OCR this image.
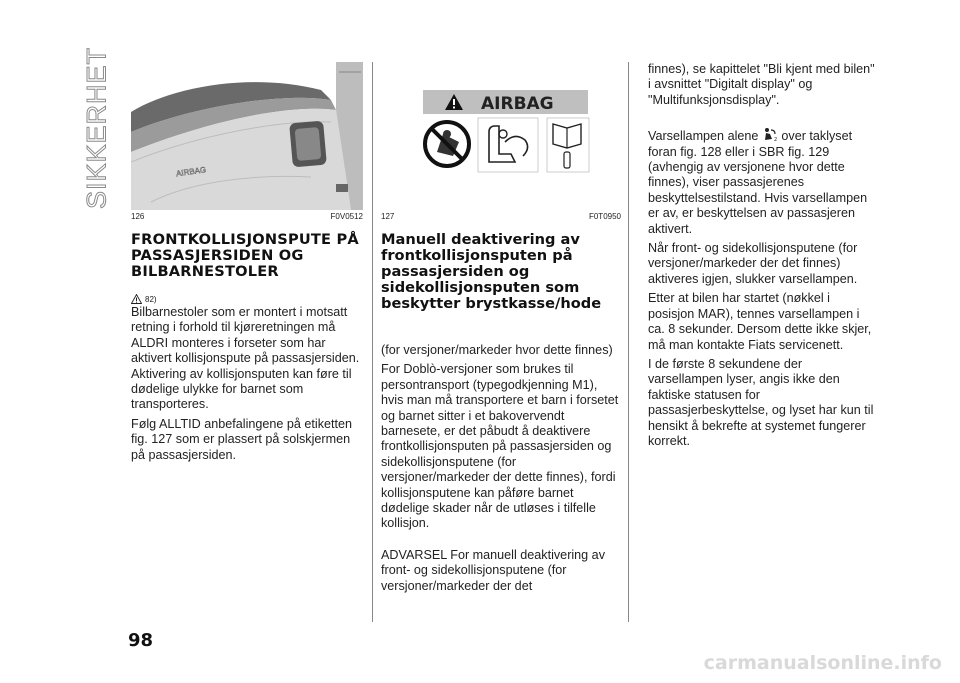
SIKKERHET	AIRBAG
126	F0V0512
FRONTKOLLISJONSPUTE PÅ PASSASJERSIDEN OG BILBARNESTOLER
82)

Bilbarnestoler som er montert i motsatt retning i forhold til kjøreretningen må ALDRI monteres i forseter som har aktivert kollisjonspute på passasjersiden. Aktivering av kollisjonsputen kan føre til dødelige ulykke for barnet som transporteres.

Følg ALLTID anbefalingene på etiketten fig. 127 som er plassert på solskjermen på passasjersiden.

AIRBAG
127	F0T0950
Manuell deaktivering av frontkollisjonsputen på passasjersiden og sidekollisjonsputen som beskytter brystkasse/hode

(for versjoner/markeder hvor dette finnes)

For Doblò-versjoner som brukes til persontransport (typegodkjenning M1), hvis man må transportere et barn i forsetet og barnet sitter i et bakovervendt barnesete, er det påbudt å deaktivere frontkollisjonsputen på passasjersiden og sidekollisjonsputene (for versjoner/markeder der dette finnes), fordi kollisjonsputene kan påføre barnet dødelige skader når de utløses i tilfelle kollisjon.

ADVARSEL For manuell deaktivering av front- og sidekollisjonsputene (for versjoner/markeder der det

finnes), se kapittelet "Bli kjent med bilen" i avsnittet "Digitalt display" og "Multifunksjonsdisplay".

Varsellampen alene	2 over taklyset foran fig. 128 eller i SBR fig. 129 (avhengig av versjonene hvor dette finnes), viser passasjerenes beskyttelsestilstand. Hvis varsellampen er av, er beskyttelsen av passasjeren aktivert.

Når front- og sidekollisjonsputene (for versjoner/markeder der det finnes) aktiveres igjen, slukker varsellampen.

Etter at bilen har startet (nøkkel i posisjon MAR), tennes varsellampen i ca. 8 sekunder. Dersom dette ikke skjer, må man kontakte Fiats servicenett.

I de første 8 sekundene der varsellampen lyser, angis ikke den faktiske statusen for passasjerbeskyttelse, og lyset har kun til hensikt å bekrefte at systemet fungerer korrekt.

98
carmanualsonline.info
